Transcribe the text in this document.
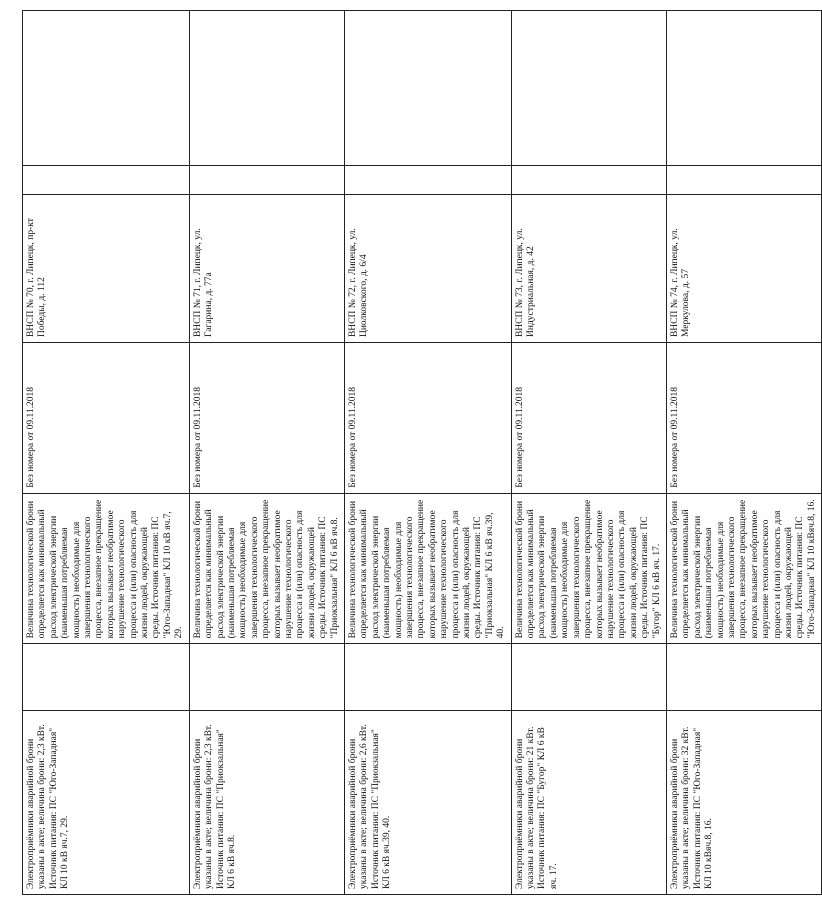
Электроприёмники аварийной брони указаны в акте; величина брони: 2,3 кВт. Источник питания: ПС "Юго-Западная" КЛ 10 кВ яч.7, 29.		Величина технологической брони определяется как минимальный расход электрической энергии (наименьшая потребляемая мощность) необходимые для завершения технологического процесса, внезапное прекращение которых вызывает необратимое нарушение технологического процесса и (или) опасность для жизни людей, окружающей среды. Источник питания: ПС "Юго-Западная" КЛ 10 кВ яч.7, 29.	Без номера от 09.11.2018	ВНСП № 70, г. Липецк, пр-кт Победы, д. 112		
Электроприёмники аварийной брони указаны в акте; величина брони: 2,3 кВт. Источник питания: ПС "Приокзальная" КЛ 6 кВ яч.8.		Величина технологической брони определяется как минимальный расход электрической энергии (наименьшая потребляемая мощность) необходимые для завершения технологического процесса, внезапное прекращение которых вызывает необратимое нарушение технологического процесса и (или) опасность для жизни людей, окружающей среды. Источник питания: ПС "Приокзальная" КЛ 6 кВ яч.8.	Без номера от 09.11.2018	ВНСП № 71, г. Липецк, ул. Гагарина, д. 77а		
Электроприёмники аварийной брони указаны в акте; величина брони: 2,6 кВт. Источник питания: ПС "Приокзальная" КЛ 6 кВ яч.39, 40.		Величина технологической брони определяется как минимальный расход электрической энергии (наименьшая потребляемая мощность) необходимые для завершения технологического процесса, внезапное прекращение которых вызывает необратимое нарушение технологического процесса и (или) опасность для жизни людей, окружающей среды. Источник питания: ПС "Приокзальная" КЛ 6 кВ яч.39, 40.	Без номера от 09.11.2018	ВНСП № 72, г. Липецк, ул. Циолковского, д. 6/4		
Электроприёмники аварийной брони указаны в акте; величина брони: 21 кВт. Источник питания: ПС "Бугор" КЛ 6 кВ яч. 17.		Величина технологической брони определяется как минимальный расход электрической энергии (наименьшая потребляемая мощность) необходимые для завершения технологического процесса, внезапное прекращение которых вызывает необратимое нарушение технологического процесса и (или) опасность для жизни людей, окружающей среды. Источник питания: ПС "Бугор" КЛ 6 кВ яч. 17.	Без номера от 09.11.2018	ВНСП № 73, г. Липецк, ул. Индустриальная, д. 42		
Электроприёмники аварийной брони указаны в акте; величина брони: 32 кВт. Источник питания: ПС "Юго-Западная" КЛ 10 кВяч.8, 16.		Величина технологической брони определяется как минимальный расход электрической энергии (наименьшая потребляемая мощность) необходимые для завершения технологического процесса, внезапное прекращение которых вызывает необратимое нарушение технологического процесса и (или) опасность для жизни людей, окружающей среды. Источник питания: ПС "Юго-Западная" КЛ 10 кВяч.8, 16.	Без номера от 09.11.2018	ВНСП № 74, г. Липецк, ул. Меркулова, д. 57		
